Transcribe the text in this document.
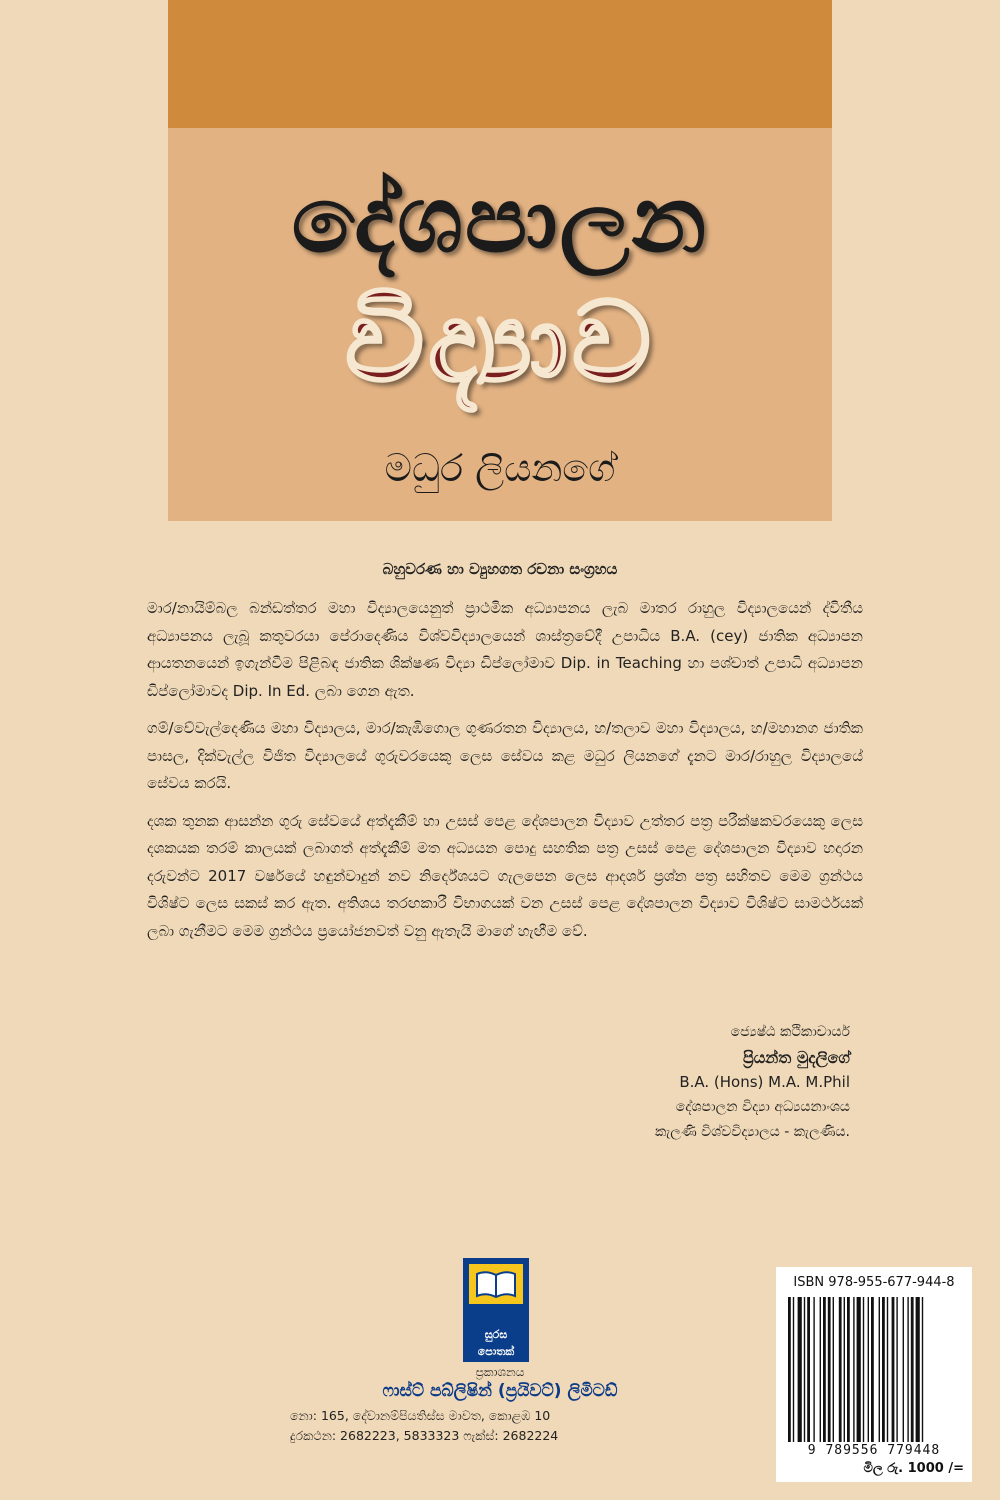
දේශපාලන
විද්‍යාව
මධුර ලියනගේ
බහුවරණ හා ව්‍යුහගත රචනා සංග්‍රහය

මාර/නායිම්බල බන්ඩත්තර මහා විද්‍යාලයෙනුත් ප්‍රාථමික අධ්‍යාපනය ලැබ මාතර රාහුල විද්‍යාලයෙන් ද්විතීය අධ්‍යාපනය ලැබූ කතුවරයා පේරාදෙණිය විශ්වවිද්‍යාලයෙන් ශාස්ත්‍රවේදී උපාධිය B.A. (cey) ජාතික අධ්‍යාපන ආයතනයෙන් ඉගැන්වීම පිළිබඳ ජාතික ශික්ෂණ විද්‍යා ඩිප්ලෝමාව Dip. in Teaching හා පශ්චාත් උපාධි අධ්‍යාපන ඩිප්ලෝමාවද Dip. In Ed. ලබා ගෙන ඇත.

ගම්/වේවැල්දෙණිය මහා විද්‍යාලය, මාර/කැඹිගොල ගුණරතන විද්‍යාලය, හ/තලාව මහා විද්‍යාලය, හ/මහානග ජාතික පාසල, දික්වැල්ල විජිත විද්‍යාලයේ ගුරුවරයෙකු ලෙස සේවය කළ මධුර ලියනගේ දැනට මාර/රාහුල විද්‍යාලයේ සේවය කරයි.

දශක තුනක ආසන්න ගුරු සේවයේ අත්දැකීම් හා උසස් පෙළ දේශපාලන විද්‍යාව උත්තර පත්‍ර පරීක්ෂකවරයෙකු ලෙස දශකයක තරම් කාලයක් ලබාගත් අත්දැකීම් මත අධ්‍යයන පොදු සහතික පත්‍ර උසස් පෙළ දේශපාලන විද්‍යාව හදාරන දරුවන්ට 2017 වර්ෂයේ හඳුන්වාදුන් නව නිර්දේශයට ගැලපෙන ලෙස ආදර්ශ ප්‍රශ්න පත්‍ර සහිතව මෙම ග්‍රන්ථය විශිෂ්ට ලෙස සකස් කර ඇත. අතිශය තරඟකාරී විභාගයක් වන උසස් පෙළ දේශපාලන විද්‍යාව විශිෂ්ට සාමර්ථයක් ලබා ගැනීමට මෙම ග්‍රන්ථය ප්‍රයෝජනවත් වනු ඇතැයි මාගේ හැඟීම වේ.

ජ්‍යෙෂ්ඨ කථිකාචාර්ය
ප්‍රියන්ත මුදලිගේ
B.A. (Hons) M.A. M.Phil
දේශපාලන විද්‍යා අධ්‍යයනාංශය
කැලණි විශ්වවිද්‍යාලය - කැලණිය.
සුරස
පොතක්
ප්‍රකාශනය
ෆාස්ට් පබ්ලිෂින් (ප්‍රයිවට්) ලිමිටඩ්
නො: 165, දේවානම්පියතිස්ස මාවත, කොළඹ 10
දුරකථන: 2682223, 5833323 ෆැක්ස්: 2682224
ISBN 978-955-677-944-8
9 789556 779448
මිල රු. 1000 /=
